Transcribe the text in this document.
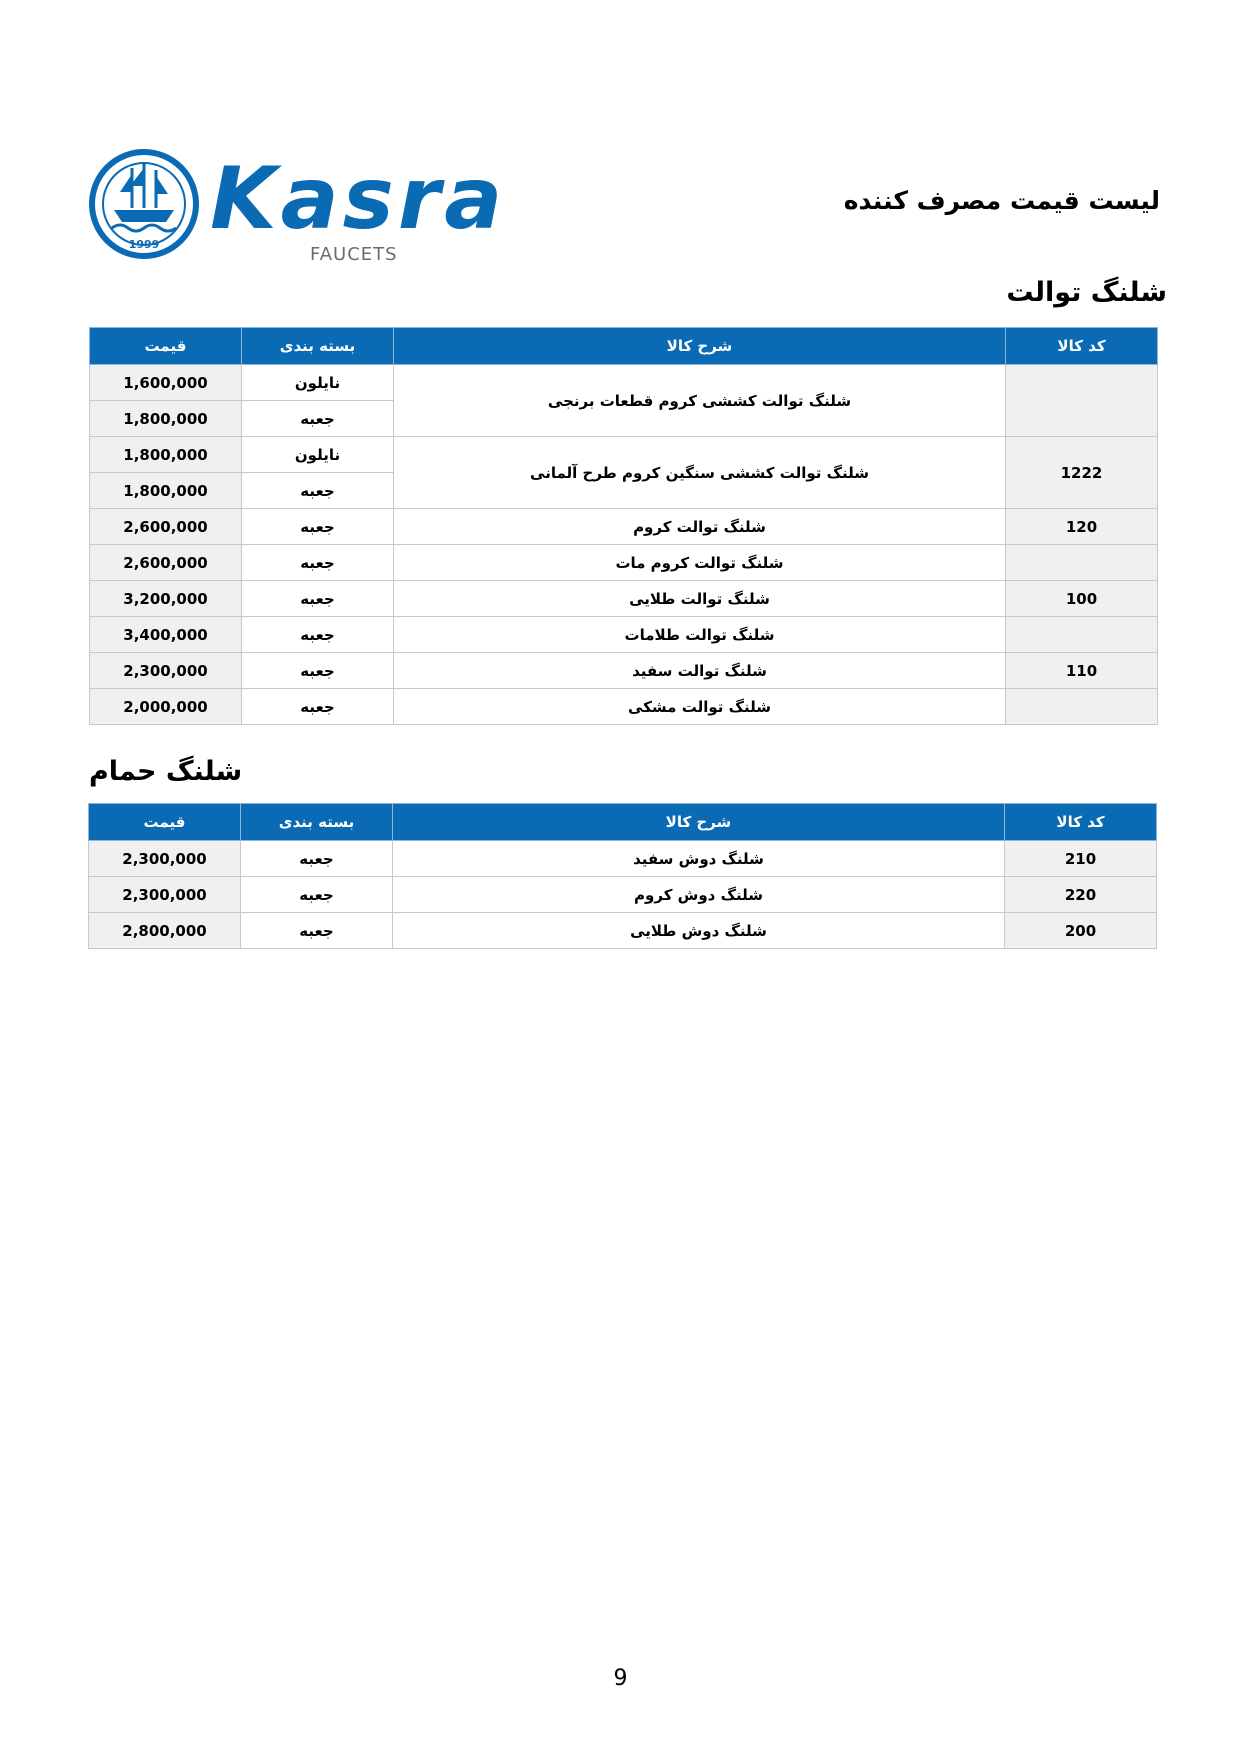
1999 Kasra
FAUCETS
لیست قیمت مصرف کننده
شلنگ توالت
قیمت	بسته بندی	شرح کالا	کد کالا
1,600,000	نایلون	شلنگ توالت کششی کروم قطعات برنجی	
1,800,000	جعبه		
1,800,000	نایلون	شلنگ توالت کششی سنگین کروم طرح آلمانی	1222
1,800,000	جعبه		
2,600,000	جعبه	شلنگ توالت کروم	120
2,600,000	جعبه	شلنگ توالت کروم مات	
3,200,000	جعبه	شلنگ توالت طلایی	100
3,400,000	جعبه	شلنگ توالت طلامات	
2,300,000	جعبه	شلنگ توالت سفید	110
2,000,000	جعبه	شلنگ توالت مشکی	
شلنگ حمام
قیمت	بسته بندی	شرح کالا	کد کالا
2,300,000	جعبه	شلنگ دوش سفید	210
2,300,000	جعبه	شلنگ دوش کروم	220
2,800,000	جعبه	شلنگ دوش طلایی	200
9
